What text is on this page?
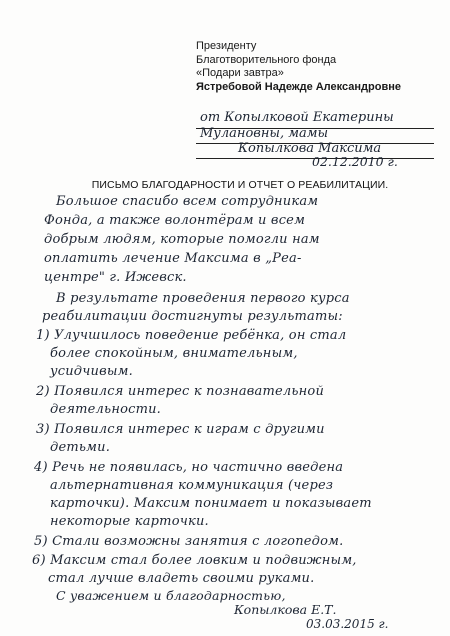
Президенту
Благотворительного фонда
«Подари завтра»
Ястребовой Надежде Александровне
от Копылковой Екатерины
Мулановны, мамы
Копылкова Максима
02.12.2010 г.
ПИСЬМО БЛАГОДАРНОСТИ И ОТЧЕТ О РЕАБИЛИТАЦИИ.
Большое спасибо всем сотрудникам
Фонда, а также волонтёрам и всем
добрым людям, которые помогли нам
оплатить лечение Максима в „Реа-
центре" г. Ижевск.
В результате проведения первого курса
реабилитации достигнуты результаты:
1) Улучшилось поведение ребёнка, он стал
более спокойным, внимательным,
усидчивым.
2) Появился интерес к познавательной
деятельности.
3) Появился интерес к играм с другими
детьми.
4) Речь не появилась, но частично введена
альтернативная коммуникация (через
карточки). Максим понимает и показывает
некоторые карточки.
5) Стали возможны занятия с логопедом.
6) Максим стал более ловким и подвижным,
стал лучше владеть своими руками.
С уважением и благодарностью,
Копылкова Е.Т.
03.03.2015 г.
